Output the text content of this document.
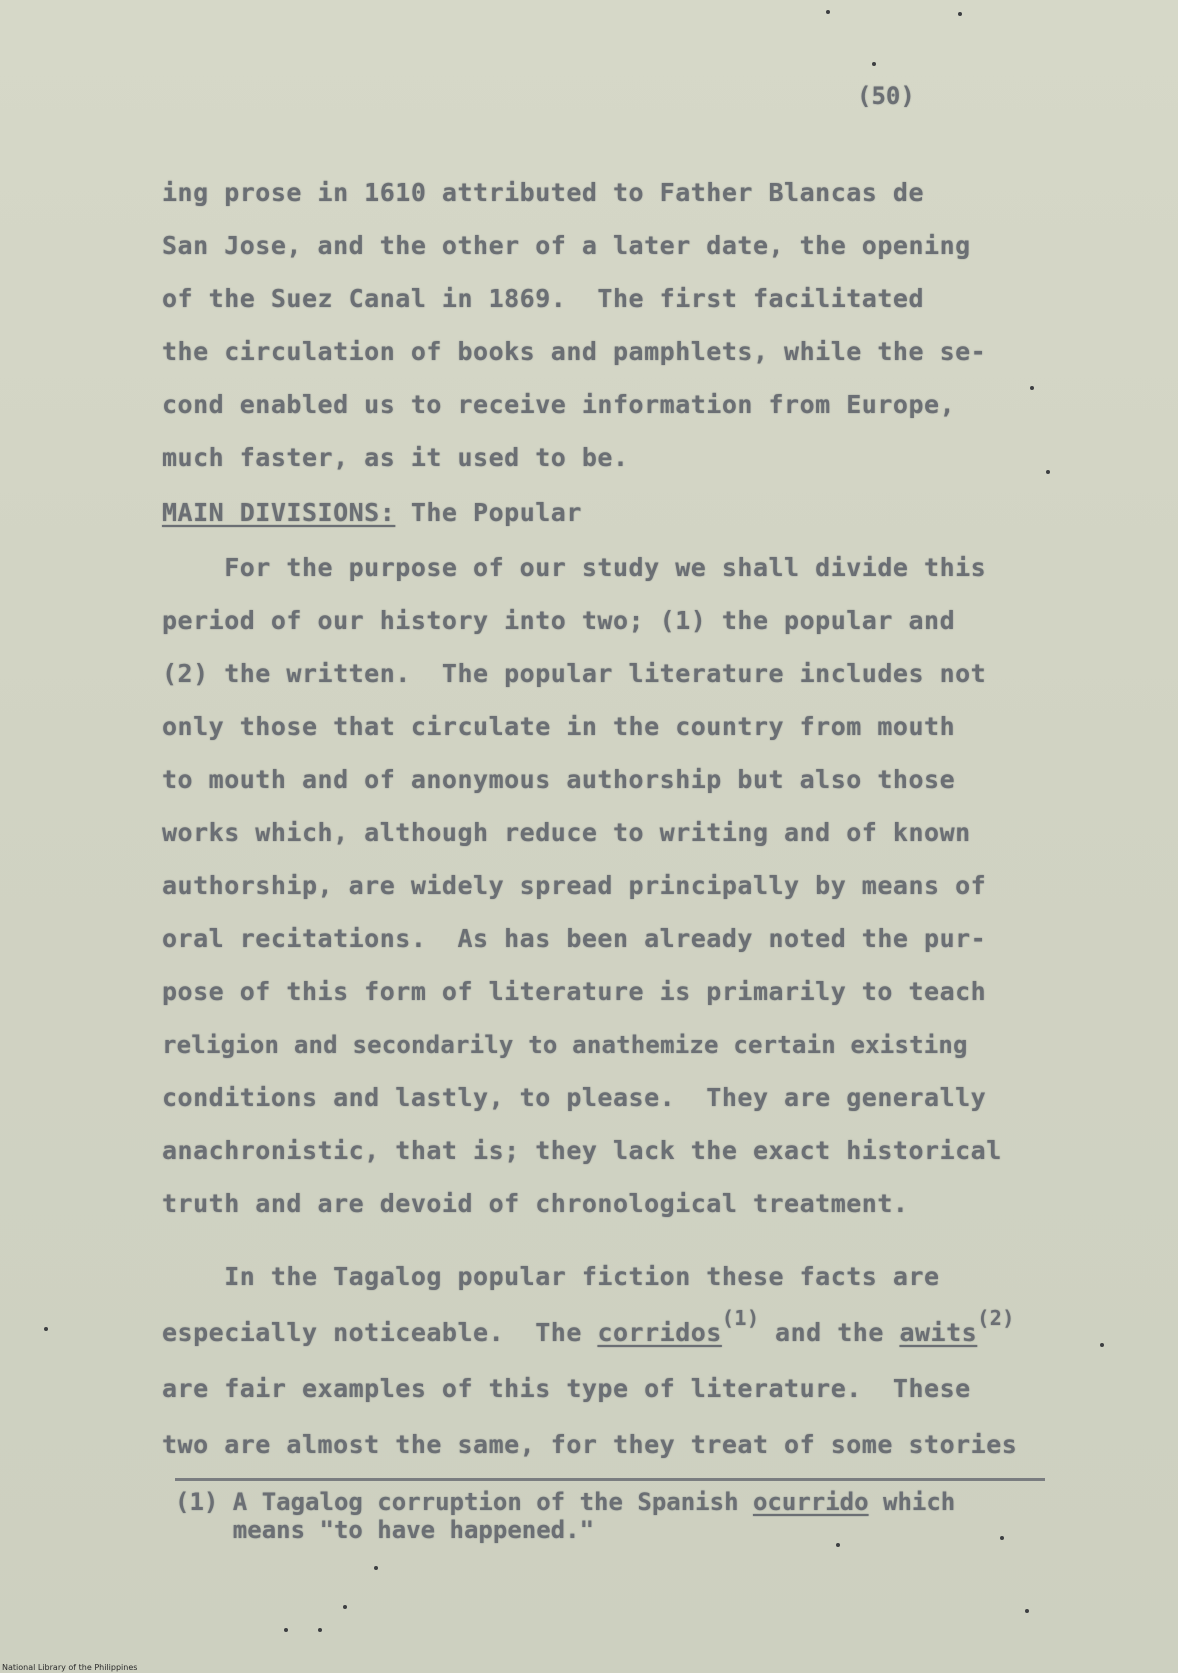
(50)
ing prose in 1610 attributed to Father Blancas de
San Jose, and the other of a later date, the opening
of the Suez Canal in 1869.  The first facilitated
the circulation of books and pamphlets, while the se-
cond enabled us to receive information from Europe,
much faster, as it used to be.
MAIN DIVISIONS: The Popular
For the purpose of our study we shall divide this
period of our history into two; (1) the popular and
(2) the written.  The popular literature includes not
only those that circulate in the country from mouth
to mouth and of anonymous authorship but also those
works which, although reduce to writing and of known
authorship, are widely spread principally by means of
oral recitations.  As has been already noted the pur-
pose of this form of literature is primarily to teach
religion and secondarily to anathemize certain existing
conditions and lastly, to please.  They are generally
anachronistic, that is; they lack the exact historical
truth and are devoid of chronological treatment.
In the Tagalog popular fiction these facts are
especially noticeable.  The corridos$^{(1)}$ and the awits$^{(2)}$
are fair examples of this type of literature.  These
two are almost the same, for they treat of some stories
(1) A Tagalog corruption of the Spanish ocurrido which
means "to have happened."
National Library of the Philippines
